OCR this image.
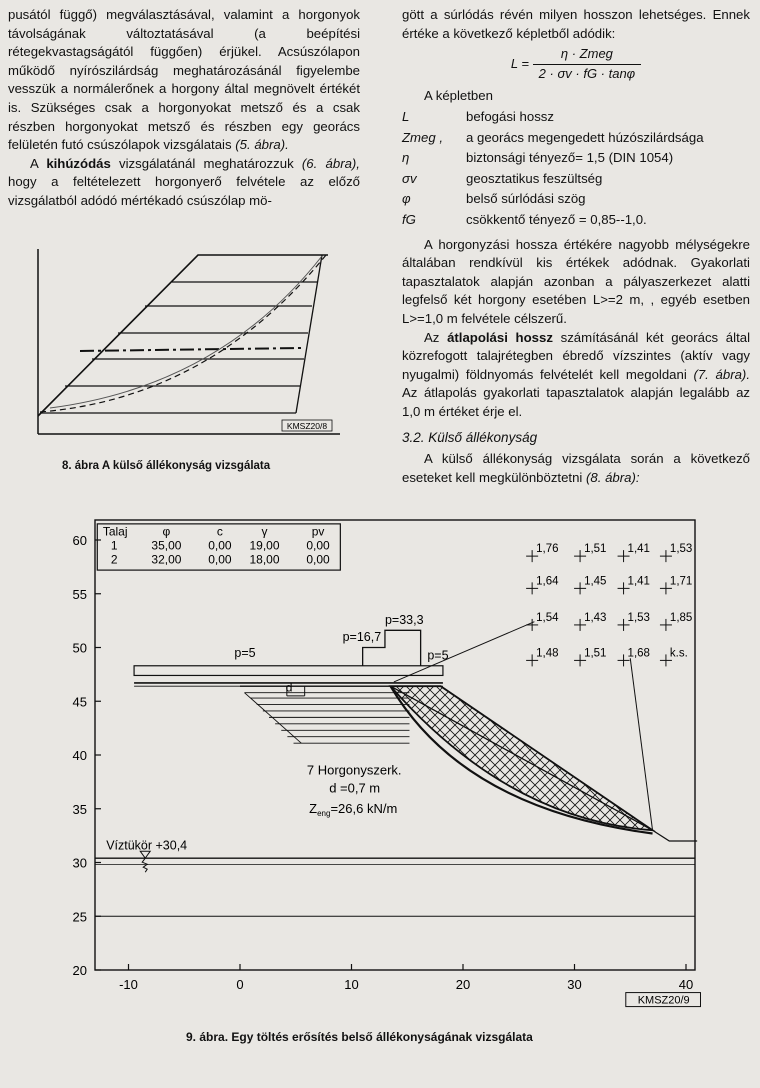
pusától függő) megválasztásával, valamint a horgonyok távolságának változtatásával (a beépítési rétegekvastagságától függően) érjükel. Acsúszólapon működő nyírószilárdság meghatározásánál figyelembe vesszük a normálerőnek a horgony által megnövelt értékét is. Szükséges csak a horgonyokat metsző és a csak részben horgonyokat metsző és részben egy georács felületén futó csúszólapok vizsgálatais (5. ábra).

A kihúzódás vizsgálatánál meghatározzuk (6. ábra), hogy a feltételezett horgonyerő felvétele az előző vizsgálatból adódó mértékadó csúszólap mö-

KMSZ20/8
8. ábra A külső állékonyság vizsgálata

gött a súrlódás révén milyen hosszon lehetséges. Ennek értéke a következő képletből adódik:

L =
η · Zmeg
2 · σv · fG · tanφ

A képletben

L	befogási hossz
Zmeg ,	a georács megengedett húzószilárdsága
η	biztonsági tényező= 1,5 (DIN 1054)
σv	geosztatikus feszültség
φ	belső súrlódási szög
fG	csökkentő tényező = 0,85--1,0.

A horgonyzási hossza értékére nagyobb mélységekre általában rendkívül kis értékek adódnak. Gyakorlati tapasztalatok alapján azonban a pályaszerkezet alatti legfelső két horgony esetében L>=2 m, , egyéb esetben L>=1,0 m felvétele célszerű.

Az átlapolási hossz számításánál két georács által közrefogott talajrétegben ébredő vízszintes (aktív vagy nyugalmi) földnyomás felvételét kell megoldani (7. ábra). Az átlapolás gyakorlati tapasztalatok alapján legalább az 1,0 m értéket érje el.

3.2. Külső állékonyság

A külső állékonyság vizsgálata során a következő eseteket kell megkülönböztetni (8. ábra):

60
55
50
45
40
35
30
25
20
-10	0	10	20	30	40
Talaj	φ	c	γ	pv
1	35,00 0,00 19,00 0,00
2	32,00 0,00 18,00 0,00
1,76 1,51 1,41 1,53
1,64 1,45 1,41 1,71
1,54 1,43 1,53 1,85
1,48 1,51 1,68 k.s.
p=5
p=16,7
p=33,3
p=5
d
7 Horgonyszerk.
d =0,7 m
$Z_{eng}=26,6$ kN/m
Víztükör +30,4
KMSZ20/9
9. ábra. Egy töltés erősítés belső állékonyságának vizsgálata
